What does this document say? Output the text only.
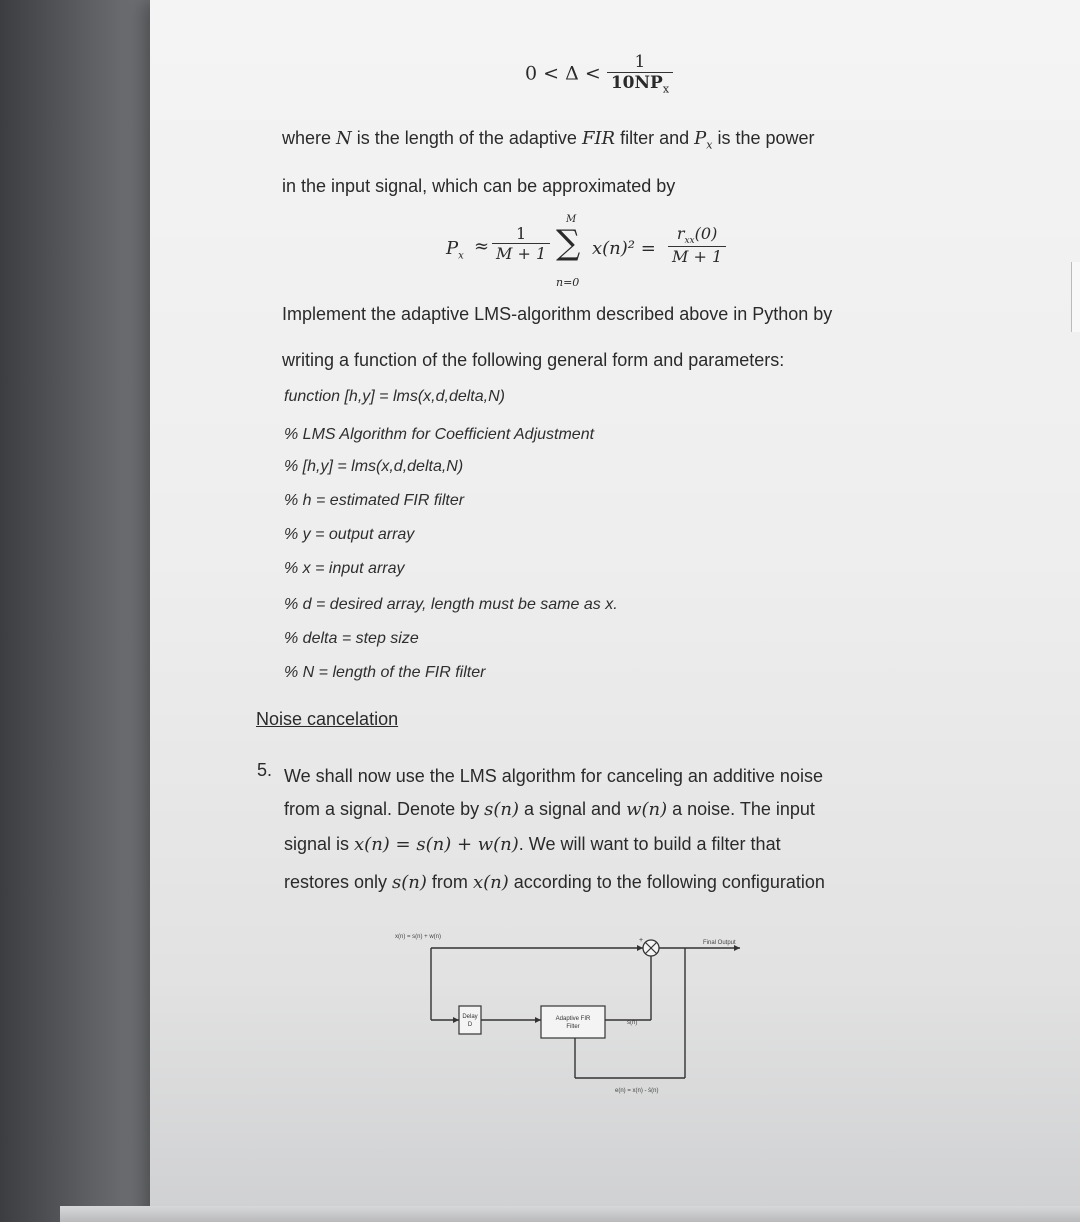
$0 < \Delta < \frac{1}{10NP_x}$
where N is the length of the adaptive FIR filter and $P_x$ is the power
in the input signal, which can be approximated by
$P_x \approx \frac{1}{M + 1}$
M
∑
n=0
x(n)² =
$r_{xx}(0)$
M + 1
Implement the adaptive LMS-algorithm described above in Python by
writing a function of the following general form and parameters:
function [h,y] = lms(x,d,delta,N)
% LMS Algorithm for Coefficient Adjustment
% [h,y] = lms(x,d,delta,N)
% h = estimated FIR filter
% y = output array
% x = input array
% d = desired array, length must be same as x.
% delta = step size
% N = length of the FIR filter
Noise cancelation
5. We shall now use the LMS algorithm for canceling an additive noise
from a signal. Denote by s(n) a signal and w(n) a noise. The input
signal is x(n) = s(n) + w(n). We will want to build a filter that
restores only s(n) from x(n) according to the following configuration
Delay
D
Adaptive FIR
Filter
+
x(n) = s(n) + w(n)
Final Output
ŝ(n)
e(n) = x(n) - ŝ(n)
